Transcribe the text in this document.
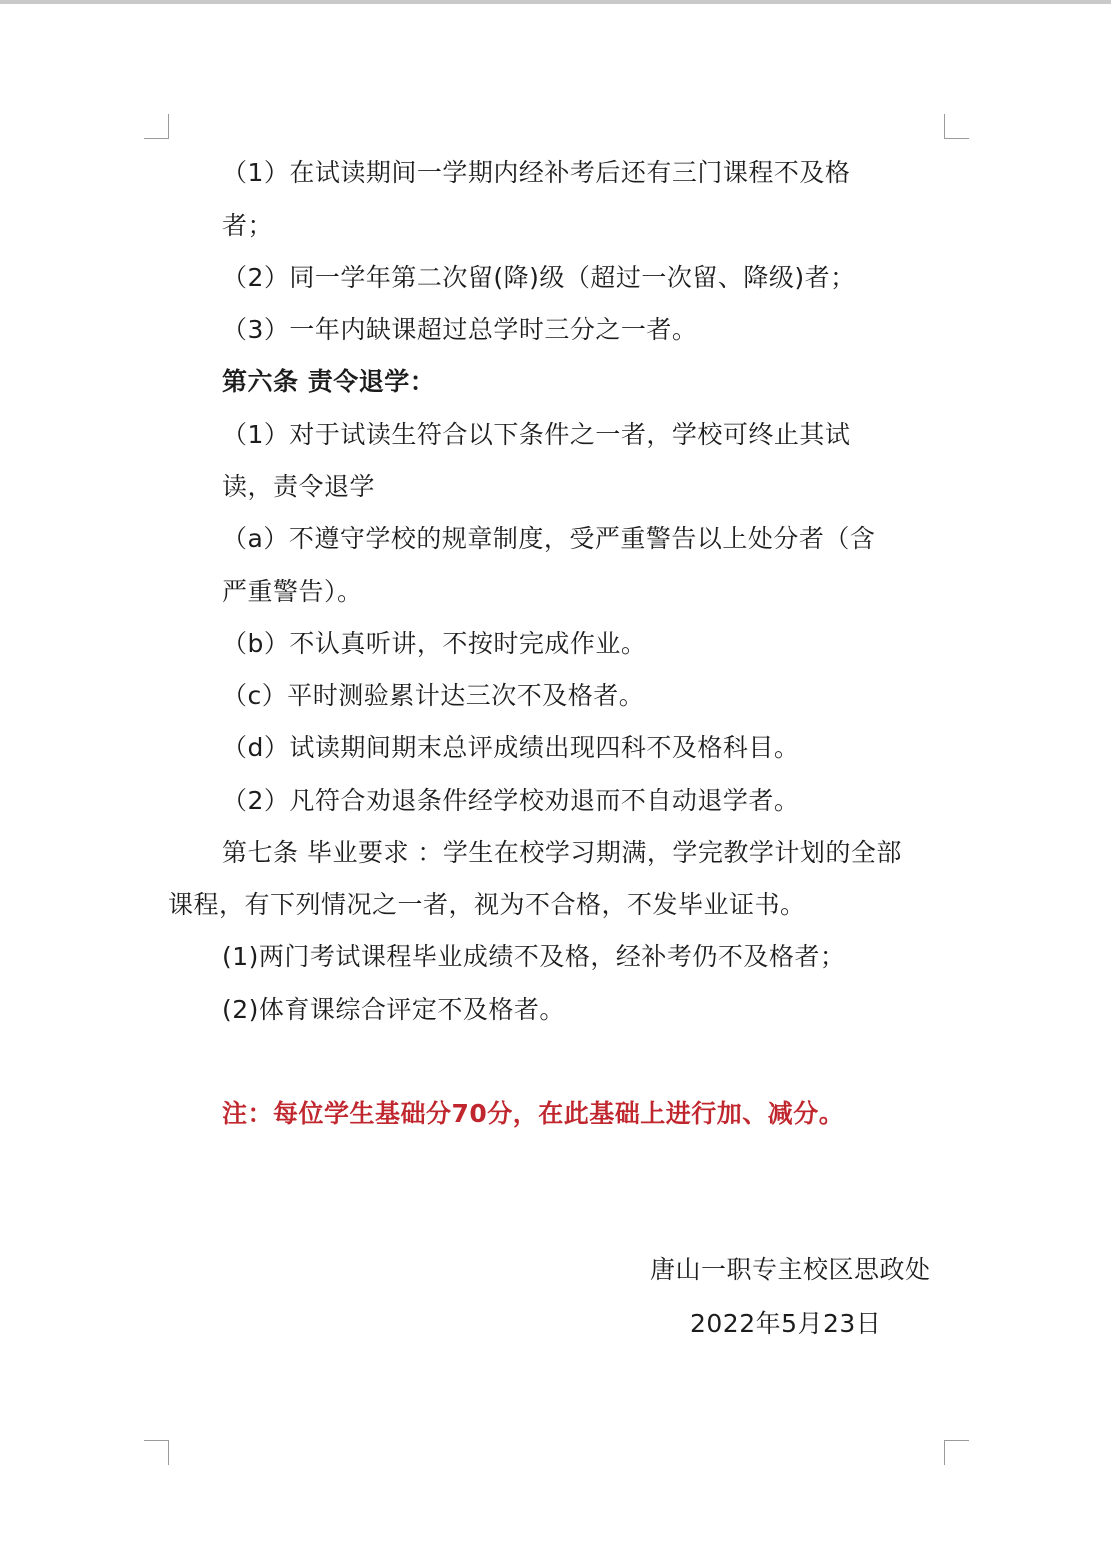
（1）在试读期间一学期内经补考后还有三门课程不及格

者；

（2）同一学年第二次留(降)级（超过一次留、降级)者；

（3）一年内缺课超过总学时三分之一者。

第六条 责令退学：

（1）对于试读生符合以下条件之一者，学校可终止其试

读，责令退学

（a）不遵守学校的规章制度，受严重警告以上处分者（含

严重警告）。

（b）不认真听讲，不按时完成作业。

（c）平时测验累计达三次不及格者。

（d）试读期间期末总评成绩出现四科不及格科目。

（2）凡符合劝退条件经学校劝退而不自动退学者。

第七条 毕业要求 ：学生在校学习期满，学完教学计划的全部

课程，有下列情况之一者，视为不合格，不发毕业证书。

(1)两门考试课程毕业成绩不及格，经补考仍不及格者；

(2)体育课综合评定不及格者。

注：每位学生基础分70分，在此基础上进行加、减分。

唐山一职专主校区思政处

2022年5月23日
